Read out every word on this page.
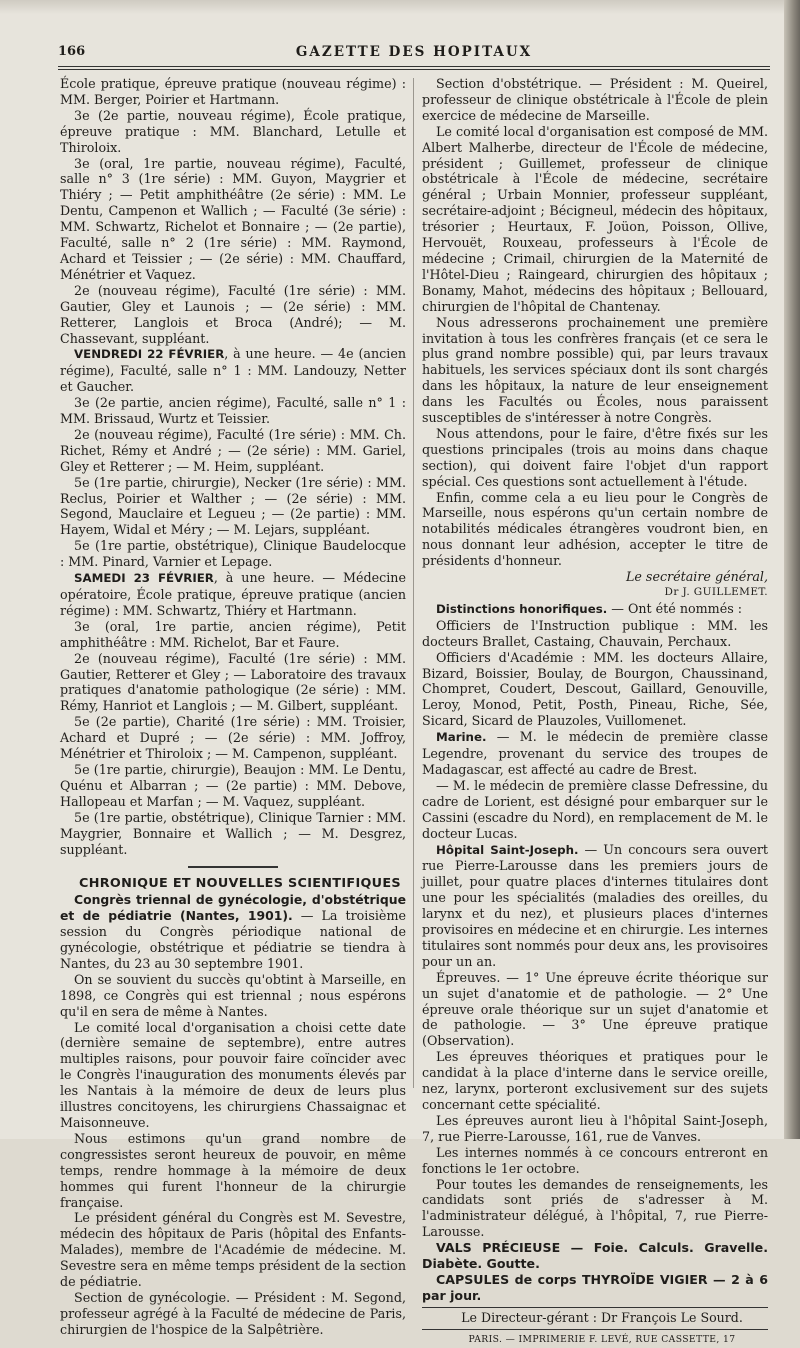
GAZETTE DES HOPITAUX
166

École pratique, épreuve pratique (nouveau régime) : MM. Berger, Poirier et Hartmann.

3e (2e partie, nouveau régime), École pratique, épreuve pratique : MM. Blanchard, Letulle et Thiroloix.

3e (oral, 1re partie, nouveau régime), Faculté, salle n° 3 (1re série) : MM. Guyon, Maygrier et Thiéry ; — Petit amphithéâtre (2e série) : MM. Le Dentu, Campenon et Wallich ; — Faculté (3e série) : MM. Schwartz, Richelot et Bonnaire ; — (2e partie), Faculté, salle n° 2 (1re série) : MM. Raymond, Achard et Teissier ; — (2e série) : MM. Chauffard, Ménétrier et Vaquez.

2e (nouveau régime), Faculté (1re série) : MM. Gautier, Gley et Launois ; — (2e série) : MM. Retterer, Langlois et Broca (André); — M. Chassevant, suppléant.

VENDREDI 22 FÉVRIER, à une heure. — 4e (ancien régime), Faculté, salle n° 1 : MM. Landouzy, Netter et Gaucher.

3e (2e partie, ancien régime), Faculté, salle n° 1 : MM. Brissaud, Wurtz et Teissier.

2e (nouveau régime), Faculté (1re série) : MM. Ch. Richet, Rémy et André ; — (2e série) : MM. Gariel, Gley et Retterer ; — M. Heim, suppléant.

5e (1re partie, chirurgie), Necker (1re série) : MM. Reclus, Poirier et Walther ; — (2e série) : MM. Segond, Mauclaire et Legueu ; — (2e partie) : MM. Hayem, Widal et Méry ; — M. Lejars, suppléant.

5e (1re partie, obstétrique), Clinique Baudelocque : MM. Pinard, Varnier et Lepage.

SAMEDI 23 FÉVRIER, à une heure. — Médecine opératoire, École pratique, épreuve pratique (ancien régime) : MM. Schwartz, Thiéry et Hartmann.

3e (oral, 1re partie, ancien régime), Petit amphithéâtre : MM. Richelot, Bar et Faure.

2e (nouveau régime), Faculté (1re série) : MM. Gautier, Retterer et Gley ; — Laboratoire des travaux pratiques d'anatomie pathologique (2e série) : MM. Rémy, Hanriot et Langlois ; — M. Gilbert, suppléant.

5e (2e partie), Charité (1re série) : MM. Troisier, Achard et Dupré ; — (2e série) : MM. Joffroy, Ménétrier et Thiroloix ; — M. Campenon, suppléant.

5e (1re partie, chirurgie), Beaujon : MM. Le Dentu, Quénu et Albarran ; — (2e partie) : MM. Debove, Hallopeau et Marfan ; — M. Vaquez, suppléant.

5e (1re partie, obstétrique), Clinique Tarnier : MM. Maygrier, Bonnaire et Wallich ; — M. Desgrez, suppléant.

CHRONIQUE ET NOUVELLES SCIENTIFIQUES

Congrès triennal de gynécologie, d'obstétrique et de pédiatrie (Nantes, 1901). — La troisième session du Congrès périodique national de gynécologie, obstétrique et pédiatrie se tiendra à Nantes, du 23 au 30 septembre 1901.

On se souvient du succès qu'obtint à Marseille, en 1898, ce Congrès qui est triennal ; nous espérons qu'il en sera de même à Nantes.

Le comité local d'organisation a choisi cette date (dernière semaine de septembre), entre autres multiples raisons, pour pouvoir faire coïncider avec le Congrès l'inauguration des monuments élevés par les Nantais à la mémoire de deux de leurs plus illustres concitoyens, les chirurgiens Chassaignac et Maisonneuve.

Nous estimons qu'un grand nombre de congressistes seront heureux de pouvoir, en même temps, rendre hommage à la mémoire de deux hommes qui furent l'honneur de la chirurgie française.

Le président général du Congrès est M. Sevestre, médecin des hôpitaux de Paris (hôpital des Enfants-Malades), membre de l'Académie de médecine. M. Sevestre sera en même temps président de la section de pédiatrie.

Section de gynécologie. — Président : M. Segond, professeur agrégé à la Faculté de médecine de Paris, chirurgien de l'hospice de la Salpêtrière.

Section d'obstétrique. — Président : M. Queirel, professeur de clinique obstétricale à l'École de plein exercice de médecine de Marseille.

Le comité local d'organisation est composé de MM. Albert Malherbe, directeur de l'École de médecine, président ; Guillemet, professeur de clinique obstétricale à l'École de médecine, secrétaire général ; Urbain Monnier, professeur suppléant, secrétaire-adjoint ; Bécigneul, médecin des hôpitaux, trésorier ; Heurtaux, F. Joüon, Poisson, Ollive, Hervouët, Rouxeau, professeurs à l'École de médecine ; Crimail, chirurgien de la Maternité de l'Hôtel-Dieu ; Raingeard, chirurgien des hôpitaux ; Bonamy, Mahot, médecins des hôpitaux ; Bellouard, chirurgien de l'hôpital de Chantenay.

Nous adresserons prochainement une première invitation à tous les confrères français (et ce sera le plus grand nombre possible) qui, par leurs travaux habituels, les services spéciaux dont ils sont chargés dans les hôpitaux, la nature de leur enseignement dans les Facultés ou Écoles, nous paraissent susceptibles de s'intéresser à notre Congrès.

Nous attendons, pour le faire, d'être fixés sur les questions principales (trois au moins dans chaque section), qui doivent faire l'objet d'un rapport spécial. Ces questions sont actuellement à l'étude.

Enfin, comme cela a eu lieu pour le Congrès de Marseille, nous espérons qu'un certain nombre de notabilités médicales étrangères voudront bien, en nous donnant leur adhésion, accepter le titre de présidents d'honneur.

Le secrétaire général,

Dr J. GUILLEMET.

Distinctions honorifiques. — Ont été nommés :

Officiers de l'Instruction publique : MM. les docteurs Brallet, Castaing, Chauvain, Perchaux.

Officiers d'Académie : MM. les docteurs Allaire, Bizard, Boissier, Boulay, de Bourgon, Chaussinand, Chompret, Coudert, Descout, Gaillard, Genouville, Leroy, Monod, Petit, Posth, Pineau, Riche, Sée, Sicard, Sicard de Plauzoles, Vuillomenet.

Marine. — M. le médecin de première classe Legendre, provenant du service des troupes de Madagascar, est affecté au cadre de Brest.

— M. le médecin de première classe Defressine, du cadre de Lorient, est désigné pour embarquer sur le Cassini (escadre du Nord), en remplacement de M. le docteur Lucas.

Hôpital Saint-Joseph. — Un concours sera ouvert rue Pierre-Larousse dans les premiers jours de juillet, pour quatre places d'internes titulaires dont une pour les spécialités (maladies des oreilles, du larynx et du nez), et plusieurs places d'internes provisoires en médecine et en chirurgie. Les internes titulaires sont nommés pour deux ans, les provisoires pour un an.

Épreuves. — 1° Une épreuve écrite théorique sur un sujet d'anatomie et de pathologie. — 2° Une épreuve orale théorique sur un sujet d'anatomie et de pathologie. — 3° Une épreuve pratique (Observation).

Les épreuves théoriques et pratiques pour le candidat à la place d'interne dans le service oreille, nez, larynx, porteront exclusivement sur des sujets concernant cette spécialité.

Les épreuves auront lieu à l'hôpital Saint-Joseph, 7, rue Pierre-Larousse, 161, rue de Vanves.

Les internes nommés à ce concours entreront en fonctions le 1er octobre.

Pour toutes les demandes de renseignements, les candidats sont priés de s'adresser à M. l'administrateur délégué, à l'hôpital, 7, rue Pierre-Larousse.

VALS PRÉCIEUSE — Foie. Calculs. Gravelle. Diabète. Goutte.

CAPSULES de corps THYROÏDE VIGIER — 2 à 6 par jour.

Le Directeur-gérant : Dr François Le Sourd.

PARIS. — IMPRIMERIE F. LEVÉ, RUE CASSETTE, 17
